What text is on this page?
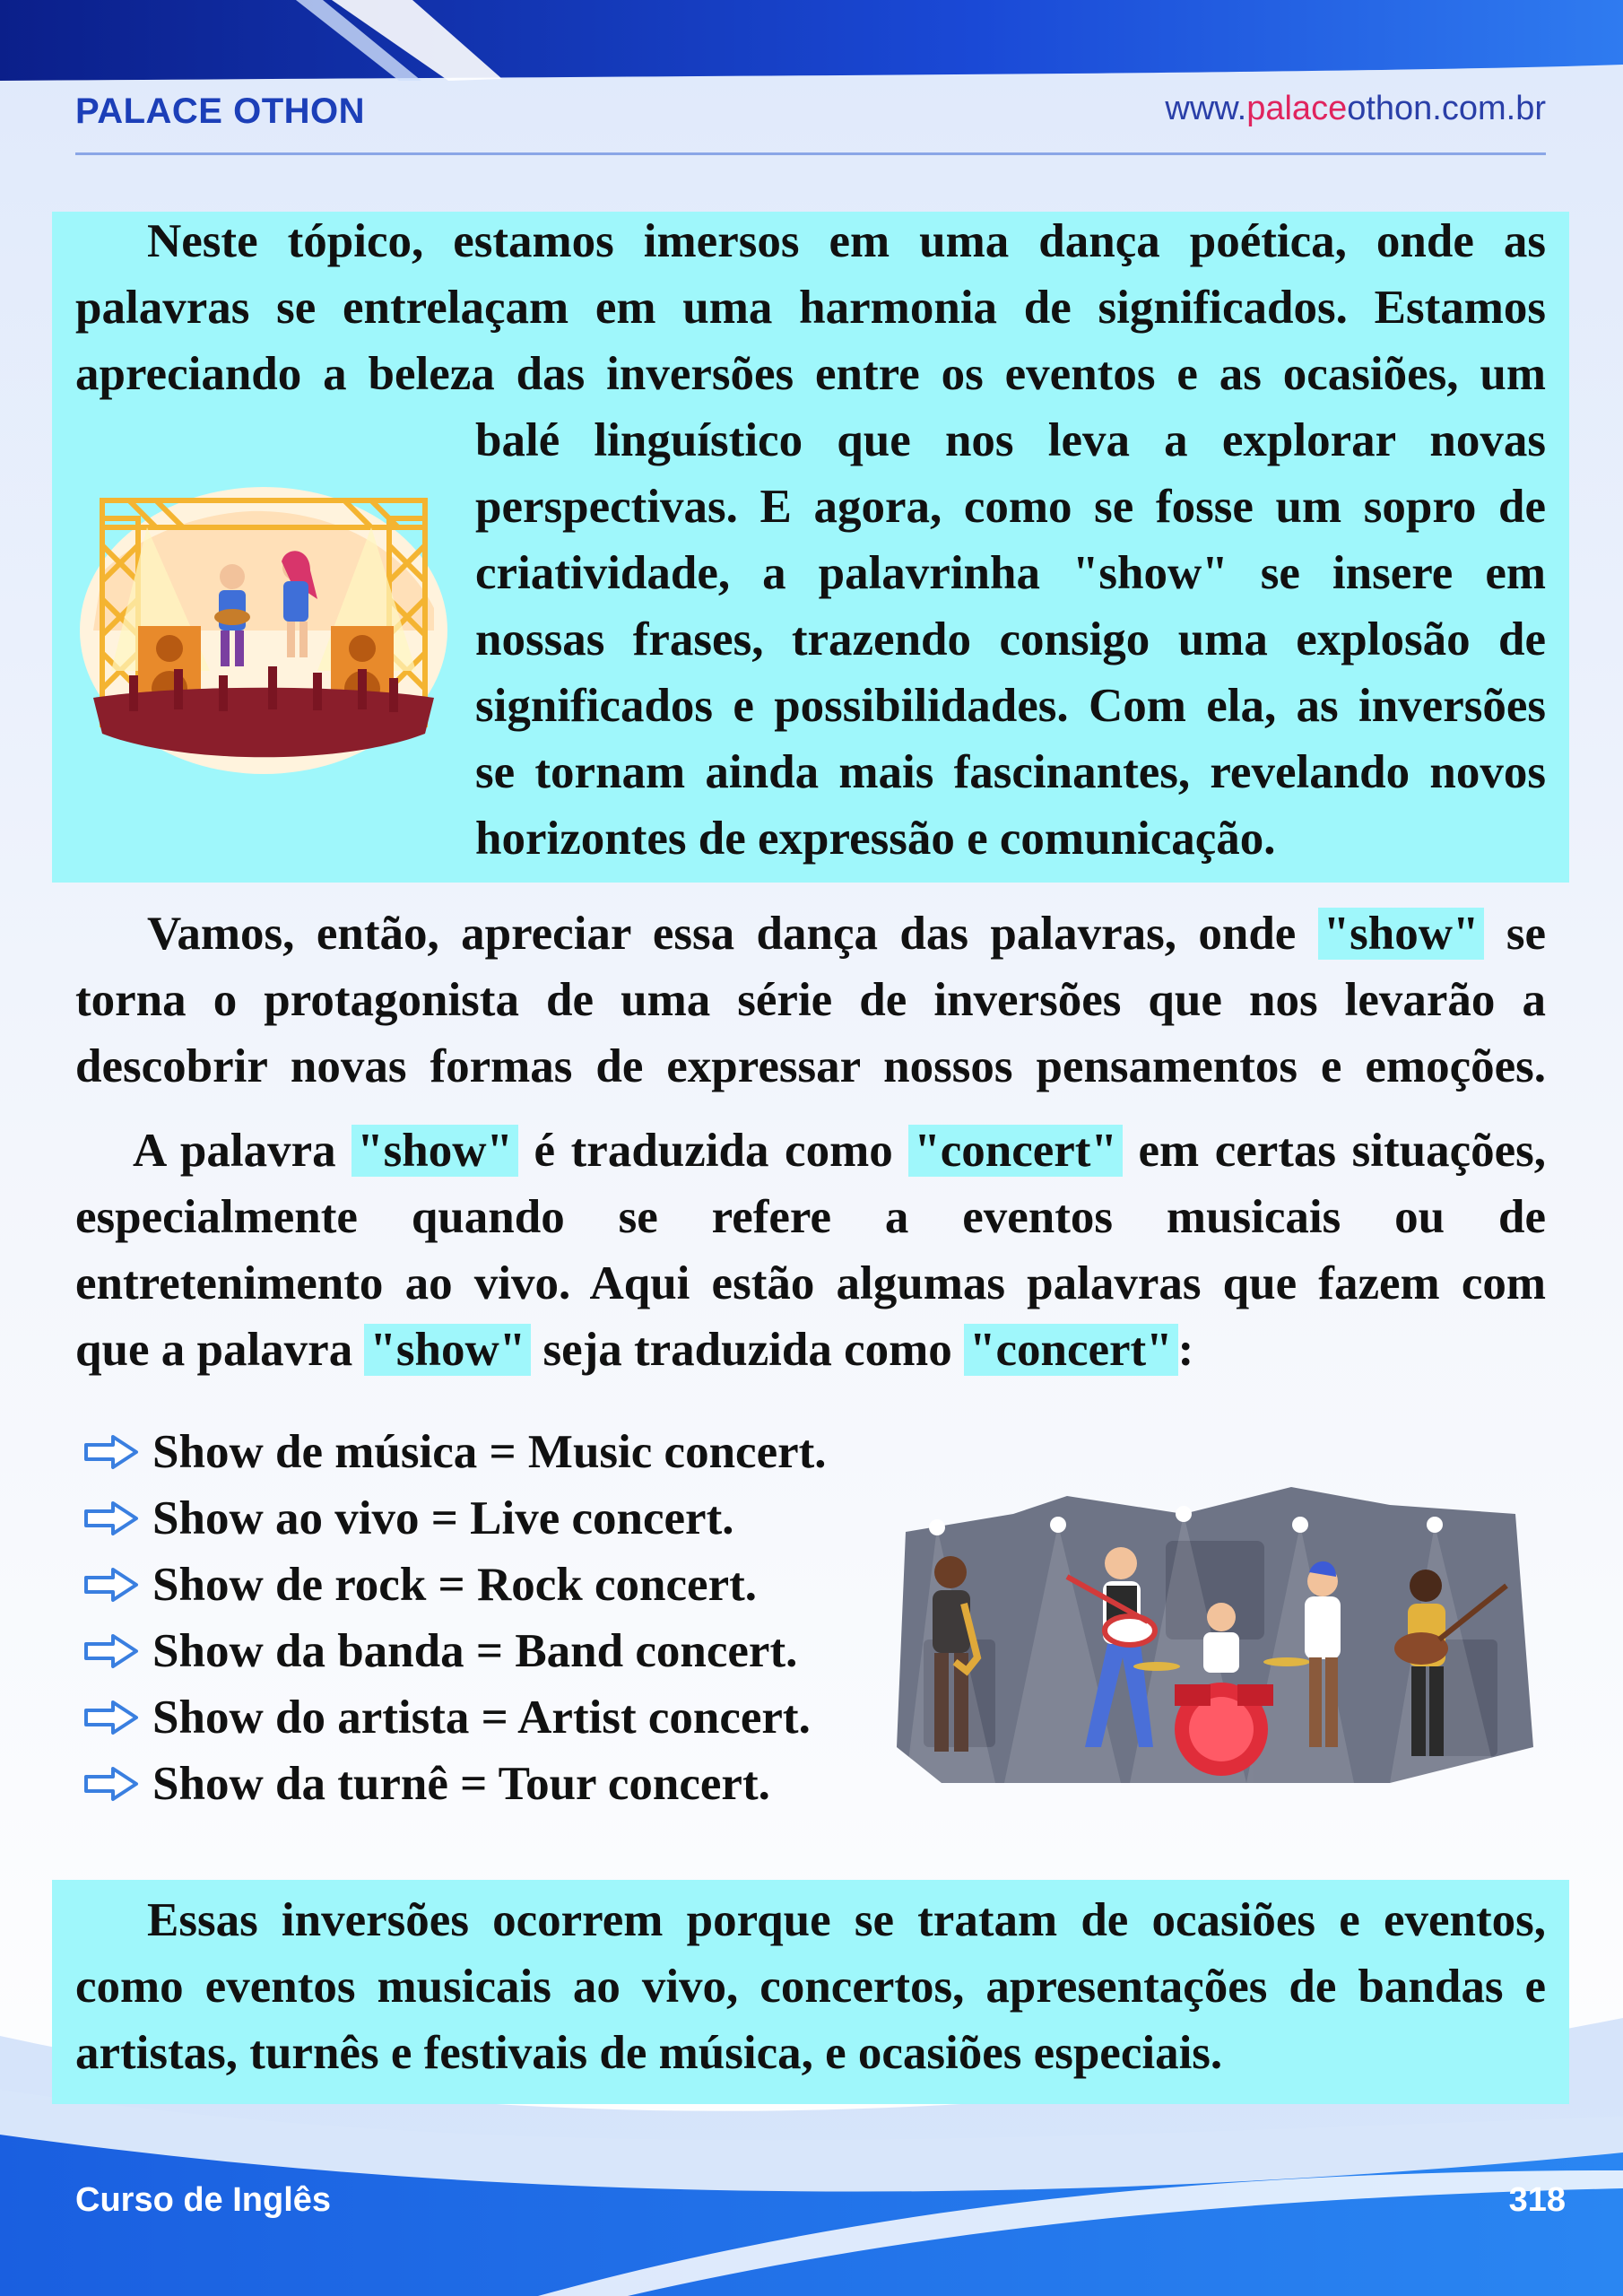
PALACE OTHON	www.palaceothon.com.br
Neste tópico, estamos imersos em uma dança poética, onde as
palavras se entrelaçam em uma harmonia de significados. Estamos
apreciando a beleza das inversões entre os eventos e as ocasiões, um
balé linguístico que nos leva a explorar novas
perspectivas. E agora, como se fosse um sopro de
criatividade, a palavrinha "show" se insere em
nossas frases, trazendo consigo uma explosão de
significados e possibilidades. Com ela, as inversões
se tornam ainda mais fascinantes, revelando novos
horizontes de expressão e comunicação.
Vamos, então, apreciar essa dança das palavras, onde "show" se
torna o protagonista de uma série de inversões que nos levarão a
descobrir novas formas de expressar nossos pensamentos e emoções.
A palavra "show" é traduzida como "concert" em certas situações,
especialmente quando se refere a eventos musicais ou de
entretenimento ao vivo. Aqui estão algumas palavras que fazem com
que a palavra "show" seja traduzida como "concert" :
Show de música = Music concert.
Show ao vivo = Live concert.
Show de rock = Rock concert.
Show da banda = Band concert.
Show do artista = Artist concert.
Show da turnê = Tour concert.
Essas inversões ocorrem porque se tratam de ocasiões e eventos,
como eventos musicais ao vivo, concertos, apresentações de bandas e
artistas, turnês e festivais de música, e ocasiões especiais.
Curso de Inglês	318
